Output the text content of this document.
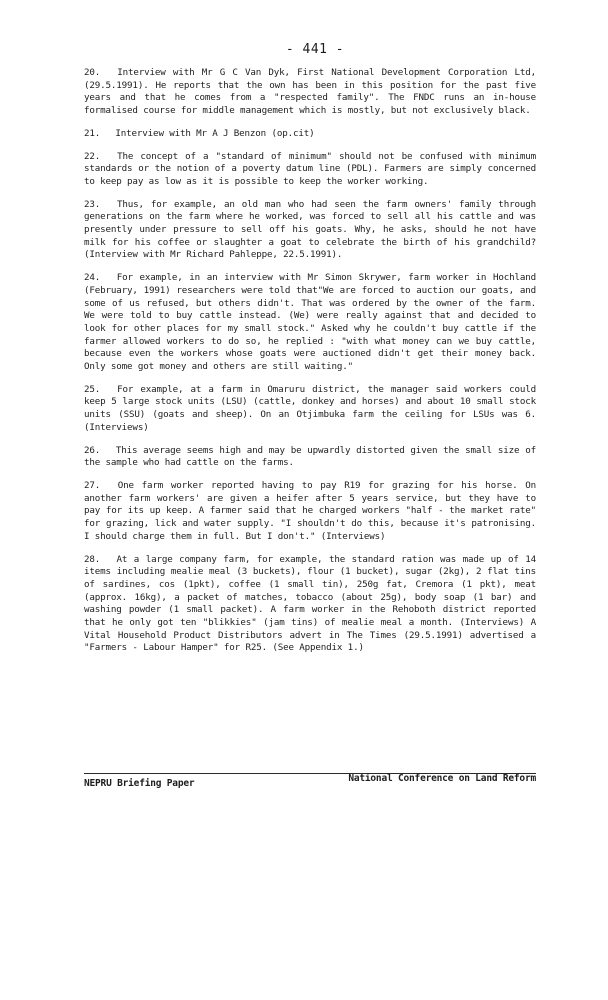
- 441 -

20. Interview with Mr G C Van Dyk, First National Development Corporation Ltd, (29.5.1991). He reports that the own has been in this position for the past five years and that he comes from a "respected family". The FNDC runs an in-house formalised course for middle management which is mostly, but not exclusively black.

21. Interview with Mr A J Benzon (op.cit)

22. The concept of a "standard of minimum" should not be confused with minimum standards or the notion of a poverty datum line (PDL). Farmers are simply concerned to keep pay as low as it is possible to keep the worker working.

23. Thus, for example, an old man who had seen the farm owners' family through generations on the farm where he worked, was forced to sell all his cattle and was presently under pressure to sell off his goats. Why, he asks, should he not have milk for his coffee or slaughter a goat to celebrate the birth of his grandchild? (Interview with Mr Richard Pahleppe, 22.5.1991).

24. For example, in an interview with Mr Simon Skrywer, farm worker in Hochland (February, 1991) researchers were told that"We are forced to auction our goats, and some of us refused, but others didn't. That was ordered by the owner of the farm. We were told to buy cattle instead. (We) were really against that and decided to look for other places for my small stock." Asked why he couldn't buy cattle if the farmer allowed workers to do so, he replied : "with what money can we buy cattle, because even the workers whose goats were auctioned didn't get their money back. Only some got money and others are still waiting."

25. For example, at a farm in Omaruru district, the manager said workers could keep 5 large stock units (LSU) (cattle, donkey and horses) and about 10 small stock units (SSU) (goats and sheep). On an Otjimbuka farm the ceiling for LSUs was 6. (Interviews)

26. This average seems high and may be upwardly distorted given the small size of the sample who had cattle on the farms.

27. One farm worker reported having to pay R19 for grazing for his horse. On another farm workers' are given a heifer after 5 years service, but they have to pay for its up keep. A farmer said that he charged workers "half - the market rate" for grazing, lick and water supply. "I shouldn't do this, because it's patronising. I should charge them in full. But I don't." (Interviews)

28. At a large company farm, for example, the standard ration was made up of 14 items including mealie meal (3 buckets), flour (1 bucket), sugar (2kg), 2 flat tins of sardines, cos (1pkt), coffee (1 small tin), 250g fat, Cremora (1 pkt), meat (approx. 16kg), a packet of matches, tobacco (about 25g), body soap (1 bar) and washing powder (1 small packet). A farm worker in the Rehoboth district reported that he only got ten "blikkies" (jam tins) of mealie meal a month. (Interviews) A Vital Household Product Distributors advert in The Times (29.5.1991) advertised a "Farmers - Labour Hamper" for R25. (See Appendix 1.)

NEPRU Briefing Paper	National Conference on Land Reform
